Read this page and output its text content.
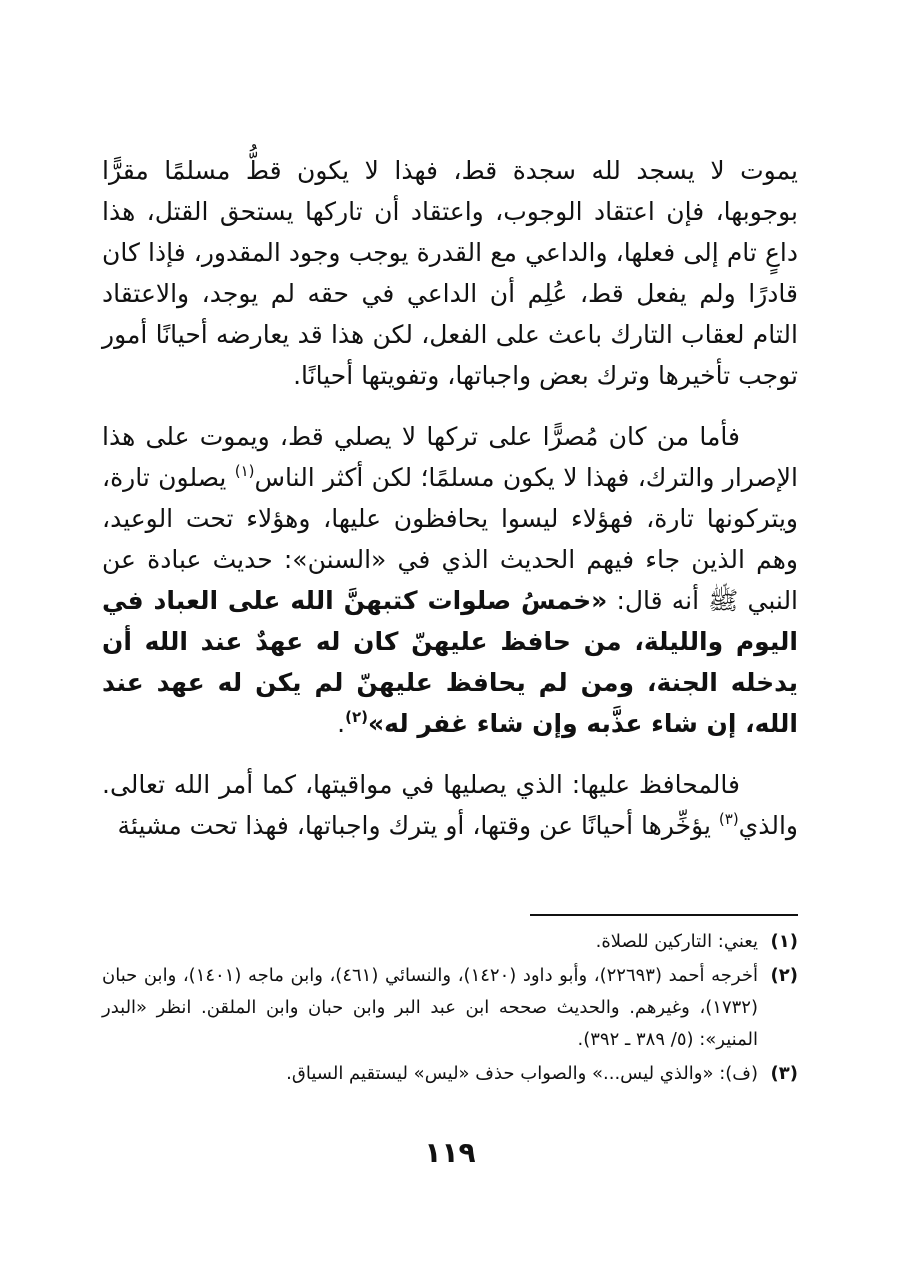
يموت لا يسجد لله سجدة قط، فهذا لا يكون قطُّ مسلمًا مقرًّا بوجوبها، فإن اعتقاد الوجوب، واعتقاد أن تاركها يستحق القتل، هذا داعٍ تام إلى فعلها، والداعي مع القدرة يوجب وجود المقدور، فإذا كان قادرًا ولم يفعل قط، عُلِم أن الداعي في حقه لم يوجد، والاعتقاد التام لعقاب التارك باعث على الفعل، لكن هذا قد يعارضه أحيانًا أمور توجب تأخيرها وترك بعض واجباتها، وتفويتها أحيانًا.

فأما من كان مُصرًّا على تركها لا يصلي قط، ويموت على هذا الإصرار والترك، فهذا لا يكون مسلمًا؛ لكن أكثر الناس$^{(١)}$ يصلون تارة، ويتركونها تارة، فهؤلاء ليسوا يحافظون عليها، وهؤلاء تحت الوعيد، وهم الذين جاء فيهم الحديث الذي في «السنن»: حديث عبادة عن النبي ﷺ أنه قال: «خمسُ صلوات كتبهنَّ الله على العباد في اليوم والليلة، من حافظ عليهنّ كان له عهدٌ عند الله أن يدخله الجنة، ومن لم يحافظ عليهنّ لم يكن له عهد عند الله، إن شاء عذَّبه وإن شاء غفر له»$^{(٢)}$.

فالمحافظ عليها: الذي يصليها في مواقيتها، كما أمر الله تعالى. والذي$^{(٣)}$ يؤخِّرها أحيانًا عن وقتها، أو يترك واجباتها، فهذا تحت مشيئة

(١)
يعني: التاركين للصلاة.
(٢)
أخرجه أحمد (٢٢٦٩٣)، وأبو داود (١٤٢٠)، والنسائي (٤٦١)، وابن ماجه (١٤٠١)، وابن حبان (١٧٣٢)، وغيرهم. والحديث صححه ابن عبد البر وابن حبان وابن الملقن. انظر «البدر المنير»: (٥/ ٣٨٩ ـ ٣٩٢).
(٣)
(ف): «والذي ليس...» والصواب حذف «ليس» ليستقيم السياق.
١١٩
